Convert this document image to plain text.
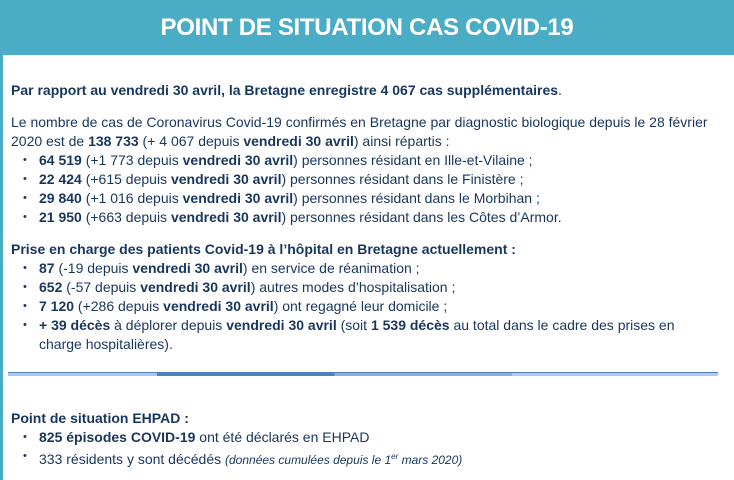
POINT DE SITUATION CAS COVID-19

Par rapport au vendredi 30 avril, la Bretagne enregistre 4 067 cas supplémentaires.

Le nombre de cas de Coronavirus Covid-19 confirmés en Bretagne par diagnostic biologique depuis le 28 février 2020 est de 138 733 (+ 4 067 depuis vendredi 30 avril) ainsi répartis :

• 64 519 (+1 773 depuis vendredi 30 avril) personnes résidant en Ille-et-Vilaine ;
• 22 424 (+615 depuis vendredi 30 avril) personnes résidant dans le Finistère ;
• 29 840 (+1 016 depuis vendredi 30 avril) personnes résidant dans le Morbihan ;
• 21 950 (+663 depuis vendredi 30 avril) personnes résidant dans les Côtes d’Armor.

Prise en charge des patients Covid-19 à l’hôpital en Bretagne actuellement :

• 87 (-19 depuis vendredi 30 avril) en service de réanimation ;
• 652 (-57 depuis vendredi 30 avril) autres modes d’hospitalisation ;
• 7 120 (+286 depuis vendredi 30 avril) ont regagné leur domicile ;
• + 39 décès à déplorer depuis vendredi 30 avril (soit 1 539 décès au total dans le cadre des prises en charge hospitalières).

Point de situation EHPAD :

• 825 épisodes COVID-19 ont été déclarés en EHPAD
• 333 résidents y sont décédés (données cumulées depuis le 1er mars 2020)
